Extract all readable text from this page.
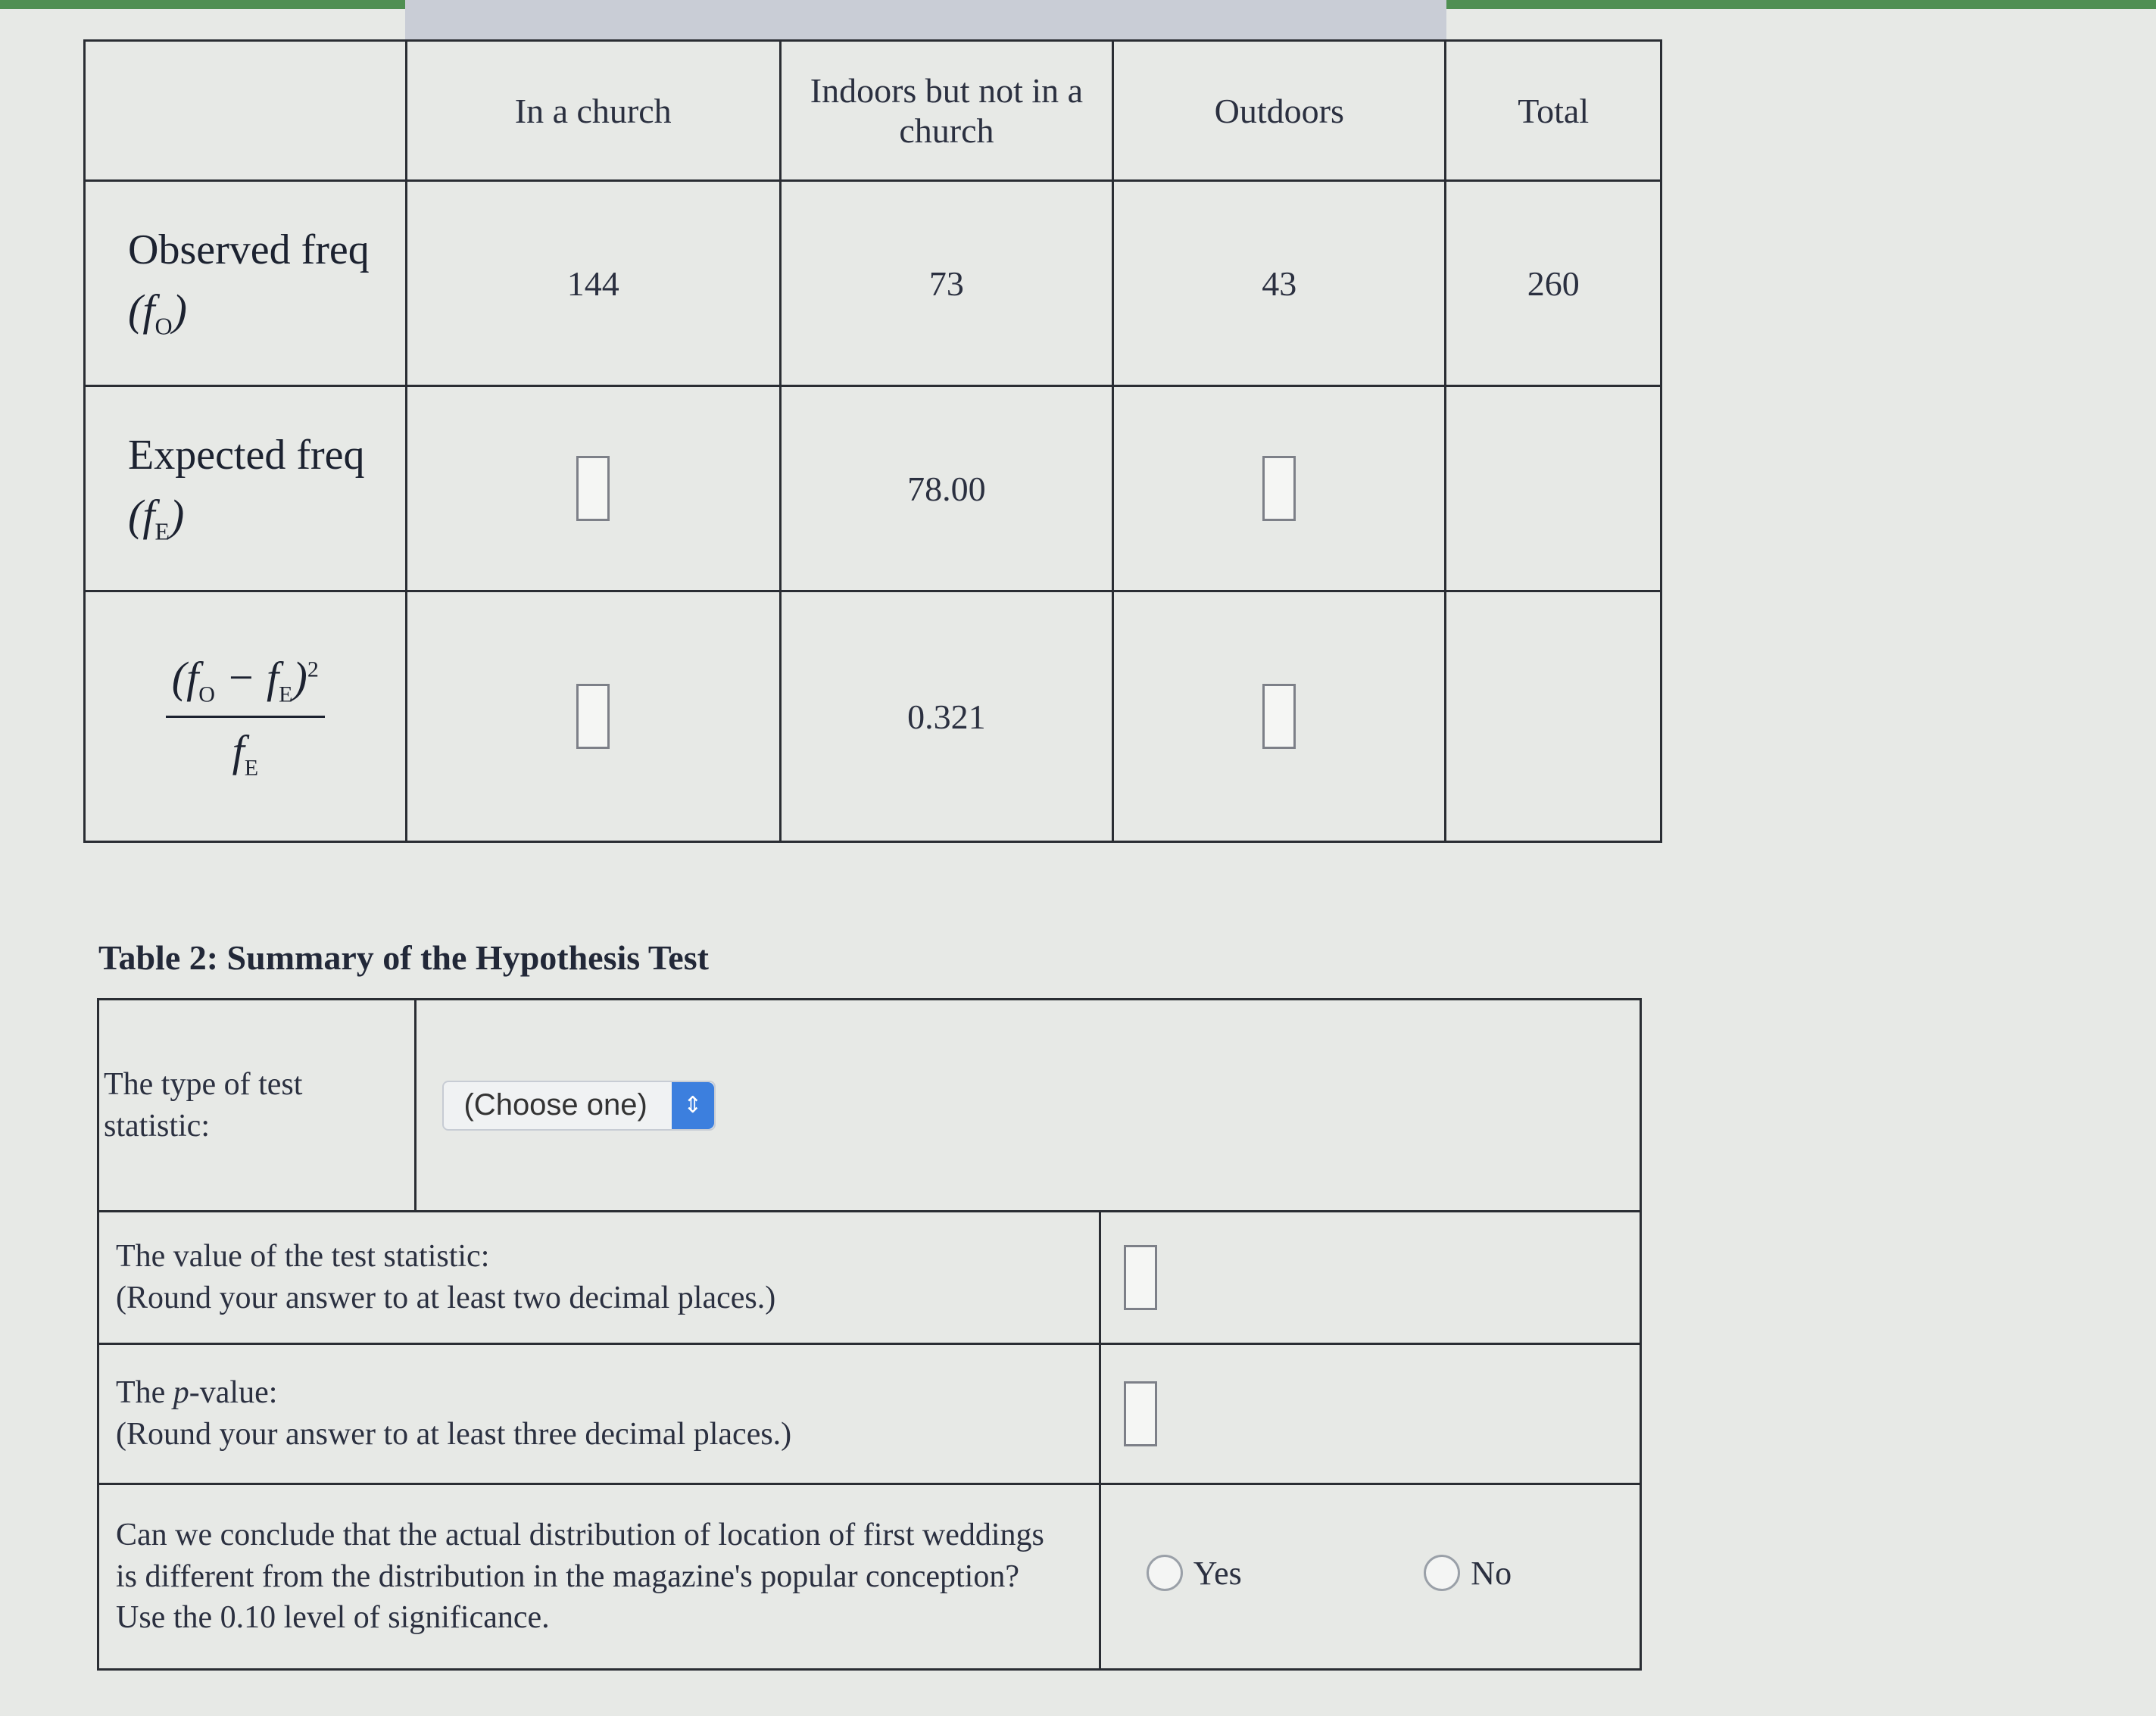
	In a church	Indoors but not in a church	Outdoors	Total

Observed freq
$(f_O)$	144	73	43	260

Expected freq
$(f_E)$		78.00		

$\frac{(f_O - f_E)^2}{f_E}$		0.321		
Table 2: Summary of the Hypothesis Test
The type of test statistic:	(Choose one) ⇕	

The value of the test statistic:
(Round your answer to at least two decimal places.)		

The p-value:
(Round your answer to at least three decimal places.)		

Can we conclude that the actual distribution of location of first weddings is different from the distribution in the magazine's popular conception? Use the 0.10 level of significance.		Yes
No
